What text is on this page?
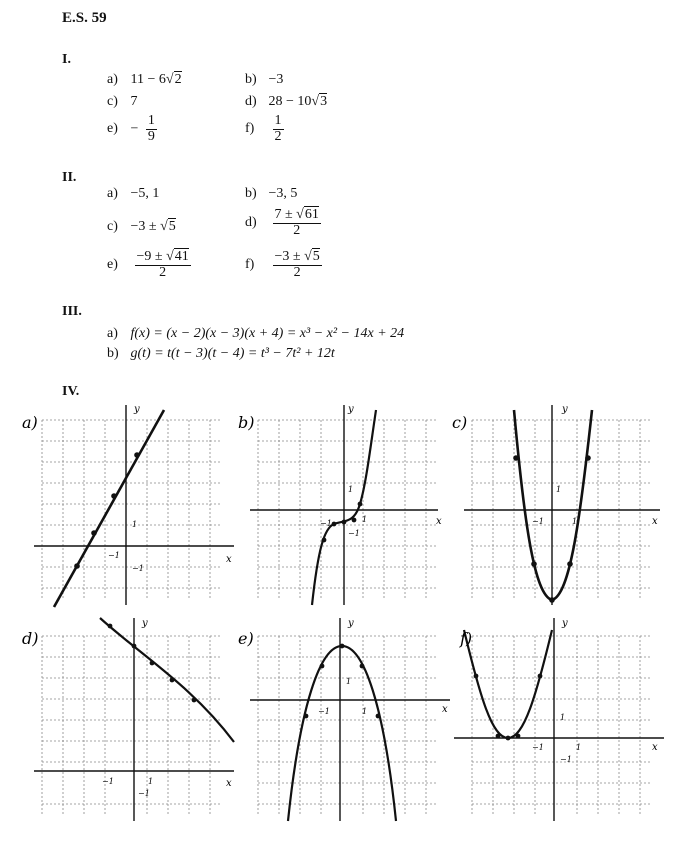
E.S. 59
I.
a) 11 − 6√2	b) −3
c) 7	d) 28 − 10√3
$e) - \frac{1}{9}$	$f) \frac{1}{2}$
II.
a) −5, 1	b) −3, 5
c) −3 ± √5	$d) \frac{7 \pm √61}{2}$
$e) \frac{-9 \pm √41}{2}$	$f) \frac{-3 \pm √5}{2}$
III.
a) f(x) = (x − 2)(x − 3)(x + 4) = x³ − x² − 14x + 24
b) g(t) = t(t − 3)(t − 4) = t³ − 7t² + 12t
IV.
a)
y
x
−1
1
−1
b)
y
x
−1	1
1
−1
c)
y
x
−1	1
1
d)
y
x
−1	1
−1
e)
y
x
−1	1
1
f)
y
x
−1	1
1
−1
